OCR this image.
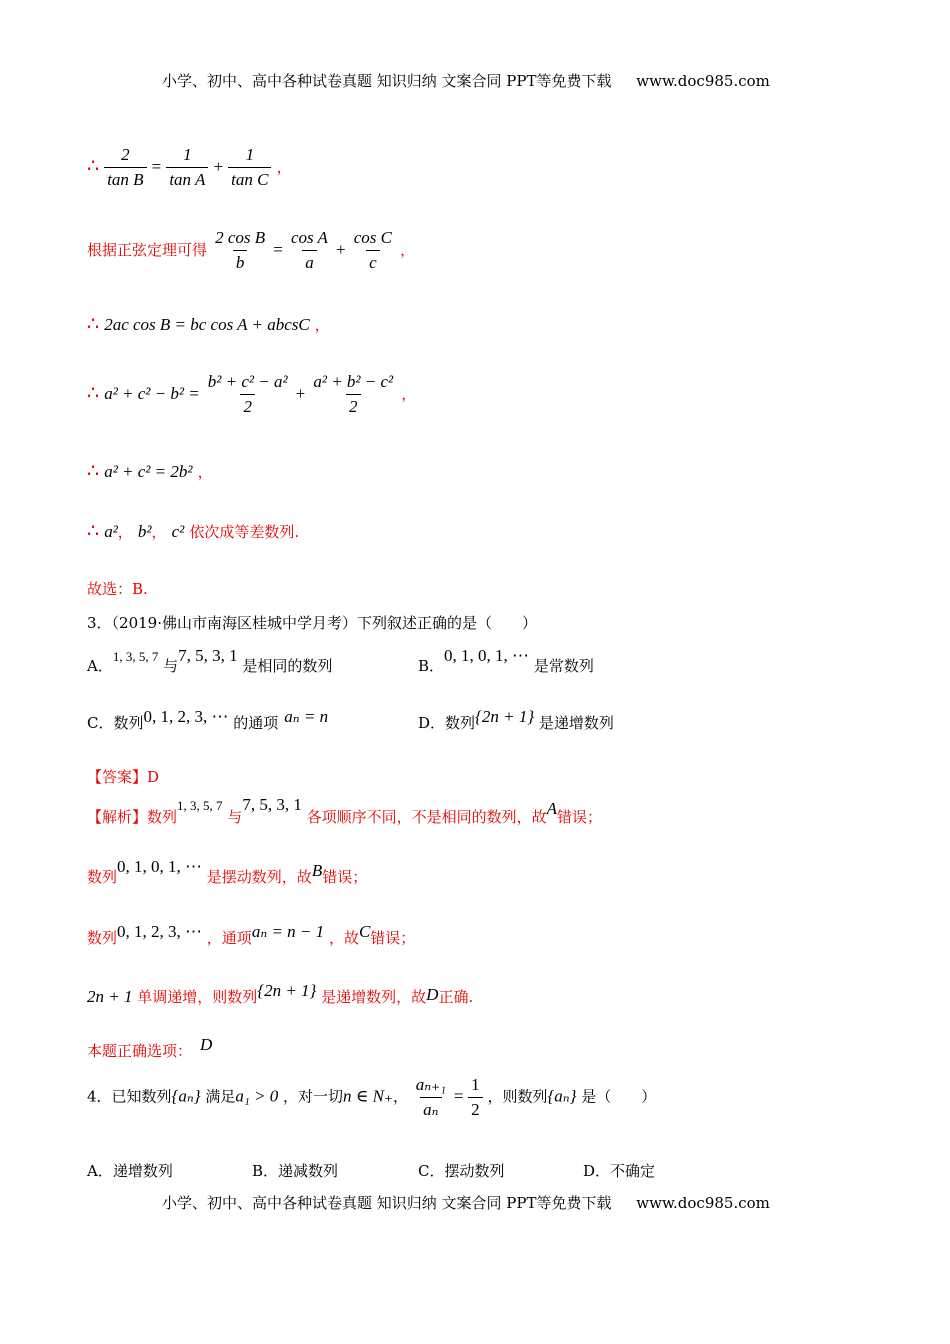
小学、初中、高中各种试卷真题 知识归纳 文案合同 PPT等免费下载 www.doc985.com
∴ $\frac{2}{\text{tan B}} = \frac{1}{\text{tan A}} + \frac{1}{\text{tan C}}$ ，
根据正弦定理可得 $\frac{\text{2 cos B}}{b} = \frac{\text{cos A}}{a} + \frac{\text{cos C}}{c}$ ，
∴ 2ac cos B = bc cos A + abcsC ，
∴ $a^2 + c^2 - b^2 = \frac{\text{b² + c² − a²}}{2} + \frac{\text{a² + b² − c²}}{2}$ ，
∴ a² + c² = 2b² ，
∴ a²， b²， c² 依次成等差数列.
故选：B.
3．（2019·佛山市南海区桂城中学月考）下列叙述正确的是（　　）
A．1, 3, 5, 7 与7, 5, 3, 1 是相同的数列	B．0, 1, 0, 1, ⋯ 是常数列
C．数列0, 1, 2, 3, ⋯ 的通项 aₙ = n	D．数列{2n + 1} 是递增数列
【答案】D
【解析】数列1, 3, 5, 7 与7, 5, 3, 1 各项顺序不同，不是相同的数列，故A错误；
数列0, 1, 0, 1, ⋯ 是摆动数列，故B错误；
数列0, 1, 2, 3, ⋯ ，通项aₙ = n − 1 ，故C错误；
2n + 1 单调递增，则数列{2n + 1} 是递增数列，故D正确.
本题正确选项： D
4．已知数列{aₙ} 满足a₁ > 0 ，对一切n ∈ N₊， $\frac{\text{aₙ₊₁}}{\text{aₙ}} = \frac{1}{2}$ ，则数列{aₙ} 是（　　）
A．递增数列	B．递减数列	C．摆动数列	D．不确定
小学、初中、高中各种试卷真题 知识归纳 文案合同 PPT等免费下载 www.doc985.com
